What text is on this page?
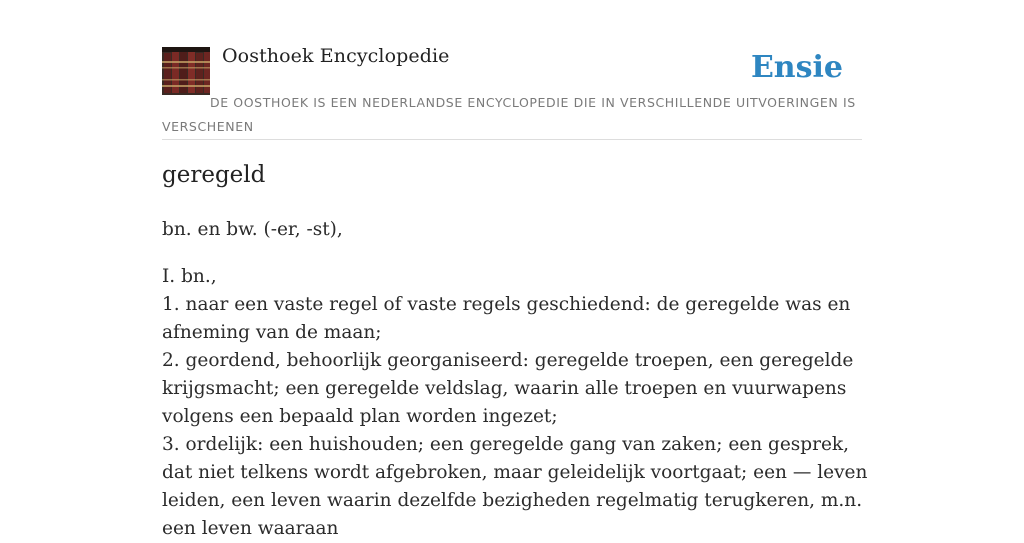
Oosthoek Encyclopedie	Ensie
DE OOSTHOEK IS EEN NEDERLANDSE ENCYCLOPEDIE DIE IN VERSCHILLENDE UITVOERINGEN IS VERSCHENEN
geregeld
bn. en bw. (-er, -st),
I. bn.,
1. naar een vaste regel of vaste regels geschiedend: de geregelde was en afneming van de maan;
2. geordend, behoorlijk georganiseerd: geregelde troepen, een geregelde krijgsmacht; een geregelde veldslag, waarin alle troepen en vuurwapens volgens een bepaald plan worden ingezet;
3. ordelijk: een huishouden; een geregelde gang van zaken; een gesprek, dat niet telkens wordt afgebroken, maar geleidelijk voortgaat; een — leven leiden, een leven waarin dezelfde bezigheden regelmatig terugkeren, m.n. een leven waaraan
